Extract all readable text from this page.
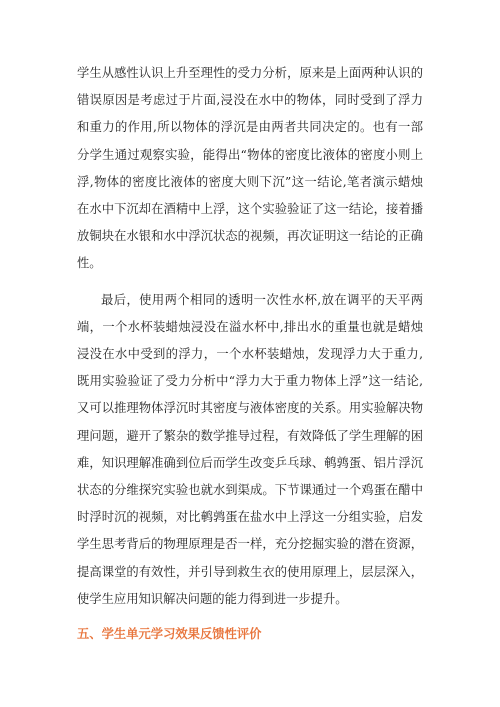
学生从感性认识上升至理性的受力分析，原来是上面两种认识的错误原因是考虑过于片面,浸没在水中的物体，同时受到了浮力和重力的作用,所以物体的浮沉是由两者共同决定的。也有一部分学生通过观察实验，能得出“物体的密度比液体的密度小则上浮,物体的密度比液体的密度大则下沉”这一结论,笔者演示蜡烛在水中下沉却在酒精中上浮，这个实验验证了这一结论，接着播放铜块在水银和水中浮沉状态的视频，再次证明这一结论的正确性。

最后，使用两个相同的透明一次性水杯,放在调平的天平两端，一个水杯装蜡烛浸没在溢水杯中,排出水的重量也就是蜡烛浸没在水中受到的浮力，一个水杯装蜡烛，发现浮力大于重力,既用实验验证了受力分析中“浮力大于重力物体上浮”这一结论,又可以推理物体浮沉时其密度与液体密度的关系。用实验解决物理问题，避开了繁杂的数学推导过程，有效降低了学生理解的困难，知识理解准确到位后而学生改变乒乓球、鹌鹑蛋、铝片浮沉状态的分维探究实验也就水到渠成。下节课通过一个鸡蛋在醋中时浮时沉的视频，对比鹌鹑蛋在盐水中上浮这一分组实验，启发学生思考背后的物理原理是否一样，充分挖掘实验的潜在资源，提高课堂的有效性，并引导到救生衣的使用原理上，层层深入，使学生应用知识解决问题的能力得到进一步提升。

五、学生单元学习效果反馈性评价
